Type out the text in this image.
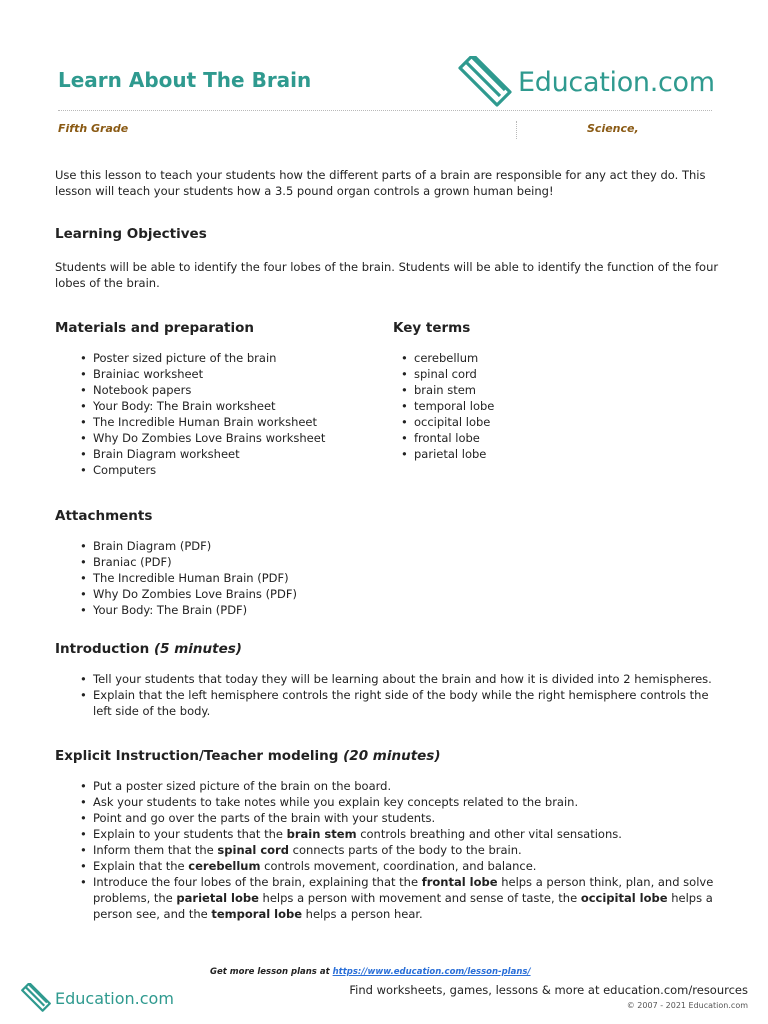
Learn About The Brain	Education.com
Fifth Grade	Science,

Use this lesson to teach your students how the different parts of a brain are responsible for any act they do. This lesson will teach your students how a 3.5 pound organ controls a grown human being!

Learning Objectives

Students will be able to identify the four lobes of the brain. Students will be able to identify the function of the four lobes of the brain.

Materials and preparation
• Poster sized picture of the brain
• Brainiac worksheet
• Notebook papers
• Your Body: The Brain worksheet
• The Incredible Human Brain worksheet
• Why Do Zombies Love Brains worksheet
• Brain Diagram worksheet
• Computers
Key terms
• cerebellum
• spinal cord
• brain stem
• temporal lobe
• occipital lobe
• frontal lobe
• parietal lobe
Attachments
• Brain Diagram (PDF)
• Braniac (PDF)
• The Incredible Human Brain (PDF)
• Why Do Zombies Love Brains (PDF)
• Your Body: The Brain (PDF)
Introduction (5 minutes)
• Tell your students that today they will be learning about the brain and how it is divided into 2 hemispheres.
• Explain that the left hemisphere controls the right side of the body while the right hemisphere controls the left side of the body.
Explicit Instruction/Teacher modeling (20 minutes)
• Put a poster sized picture of the brain on the board.
• Ask your students to take notes while you explain key concepts related to the brain.
• Point and go over the parts of the brain with your students.
• Explain to your students that the brain stem controls breathing and other vital sensations.
• Inform them that the spinal cord connects parts of the body to the brain.
• Explain that the cerebellum controls movement, coordination, and balance.
• Introduce the four lobes of the brain, explaining that the frontal lobe helps a person think, plan, and solve problems, the parietal lobe helps a person with movement and sense of taste, the occipital lobe helps a person see, and the temporal lobe helps a person hear.
Get more lesson plans at https://www.education.com/lesson-plans/
Education.com	Find worksheets, games, lessons & more at education.com/resources
© 2007 - 2021 Education.com
